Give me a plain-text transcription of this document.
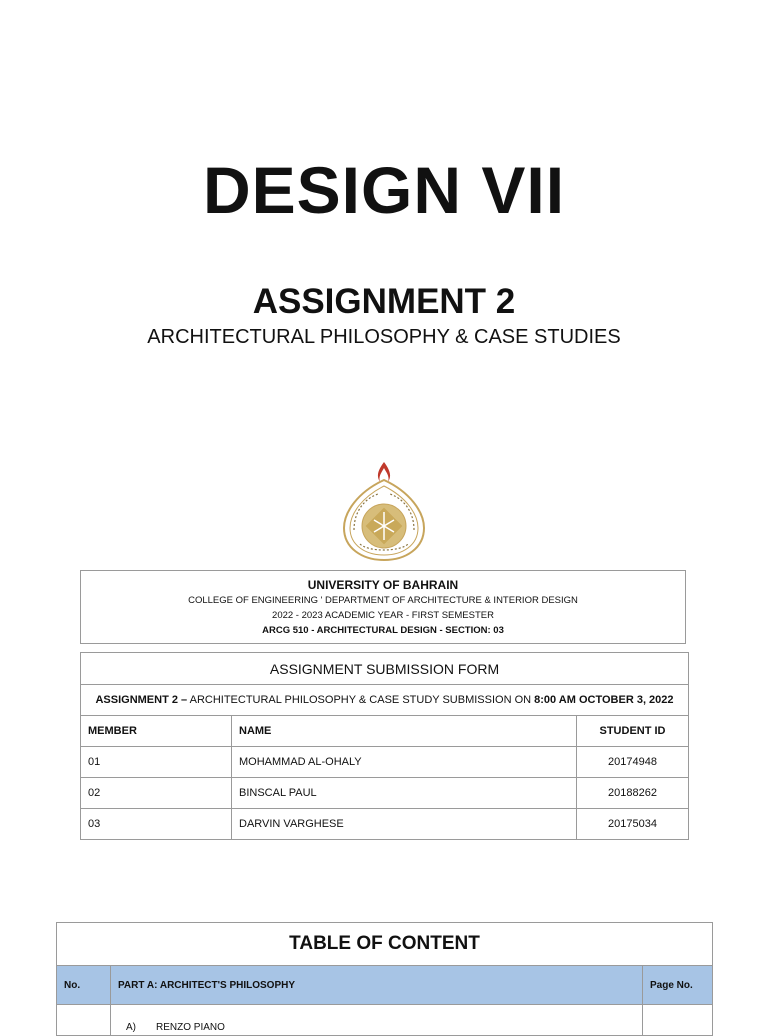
DESIGN VII
ASSIGNMENT 2
ARCHITECTURAL PHILOSOPHY & CASE STUDIES
UNIVERSITY OF BAHRAIN
COLLEGE OF ENGINEERING ' DEPARTMENT OF ARCHITECTURE & INTERIOR DESIGN
2022 - 2023 ACADEMIC YEAR - FIRST SEMESTER
ARCG 510 - ARCHITECTURAL DESIGN - SECTION: 03
ASSIGNMENT SUBMISSION FORM		
ASSIGNMENT 2 – ARCHITECTURAL PHILOSOPHY & CASE STUDY SUBMISSION ON 8:00 AM OCTOBER 3, 2022		
MEMBER	NAME	STUDENT ID
01	MOHAMMAD AL-OHALY	20174948
02	BINSCAL PAUL	20188262
03	DARVIN VARGHESE	20175034
TABLE OF CONTENT		
No.	PART A: ARCHITECT'S PHILOSOPHY	Page No.
	A) RENZO PIANO	
